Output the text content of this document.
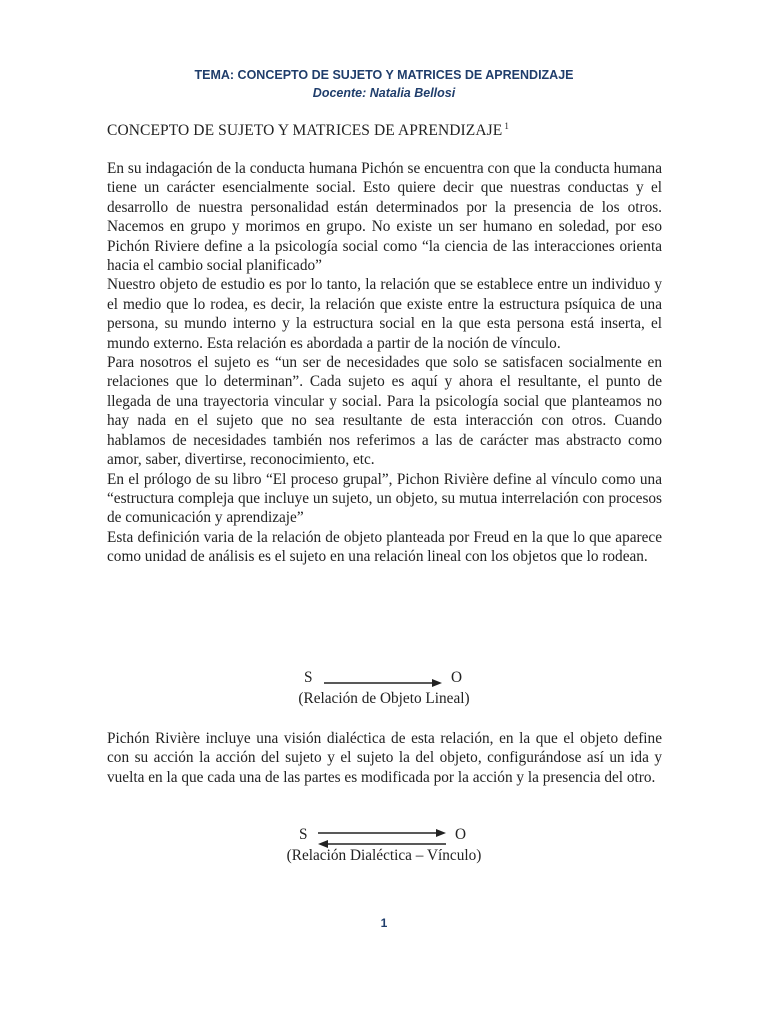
TEMA: CONCEPTO DE SUJETO Y MATRICES DE APRENDIZAJE
Docente: Natalia Bellosi
CONCEPTO DE SUJETO Y MATRICES DE APRENDIZAJE $^1$

En su indagación de la conducta humana Pichón se encuentra con que la conducta humana tiene un carácter esencialmente social. Esto quiere decir que nuestras conductas y el desarrollo de nuestra personalidad están determinados por la presencia de los otros. Nacemos en grupo y morimos en grupo. No existe un ser humano en soledad, por eso Pichón Riviere define a la psicología social como “la ciencia de las interacciones orienta hacia el cambio social planificado”

Nuestro objeto de estudio es por lo tanto, la relación que se establece entre un individuo y el medio que lo rodea, es decir, la relación que existe entre la estructura psíquica de una persona, su mundo interno y la estructura social en la que esta persona está inserta, el mundo externo. Esta relación es abordada a partir de la noción de vínculo.

Para nosotros el sujeto es “un ser de necesidades que solo se satisfacen socialmente en relaciones que lo determinan”. Cada sujeto es aquí y ahora el resultante, el punto de llegada de una trayectoria vincular y social. Para la psicología social que planteamos no hay nada en el sujeto que no sea resultante de esta interacción con otros. Cuando hablamos de necesidades también nos referimos a las de carácter mas abstracto como amor, saber, divertirse, reconocimiento, etc.

En el prólogo de su libro “El proceso grupal”, Pichon Rivière define al vínculo como una “estructura compleja que incluye un sujeto, un objeto, su mutua interrelación con procesos de comunicación y aprendizaje”

Esta definición varia de la relación de objeto planteada por Freud en la que lo que aparece como unidad de análisis es el sujeto en una relación lineal con los objetos que lo rodean.

S	O
(Relación de Objeto Lineal)
Pichón Rivière incluye una visión dialéctica de esta relación, en la que el objeto define con su acción la acción del sujeto y el sujeto la del objeto, configurándose así un ida y vuelta en la que cada una de las partes es modificada por la acción y la presencia del otro.
S	O
(Relación Dialéctica – Vínculo)
1
